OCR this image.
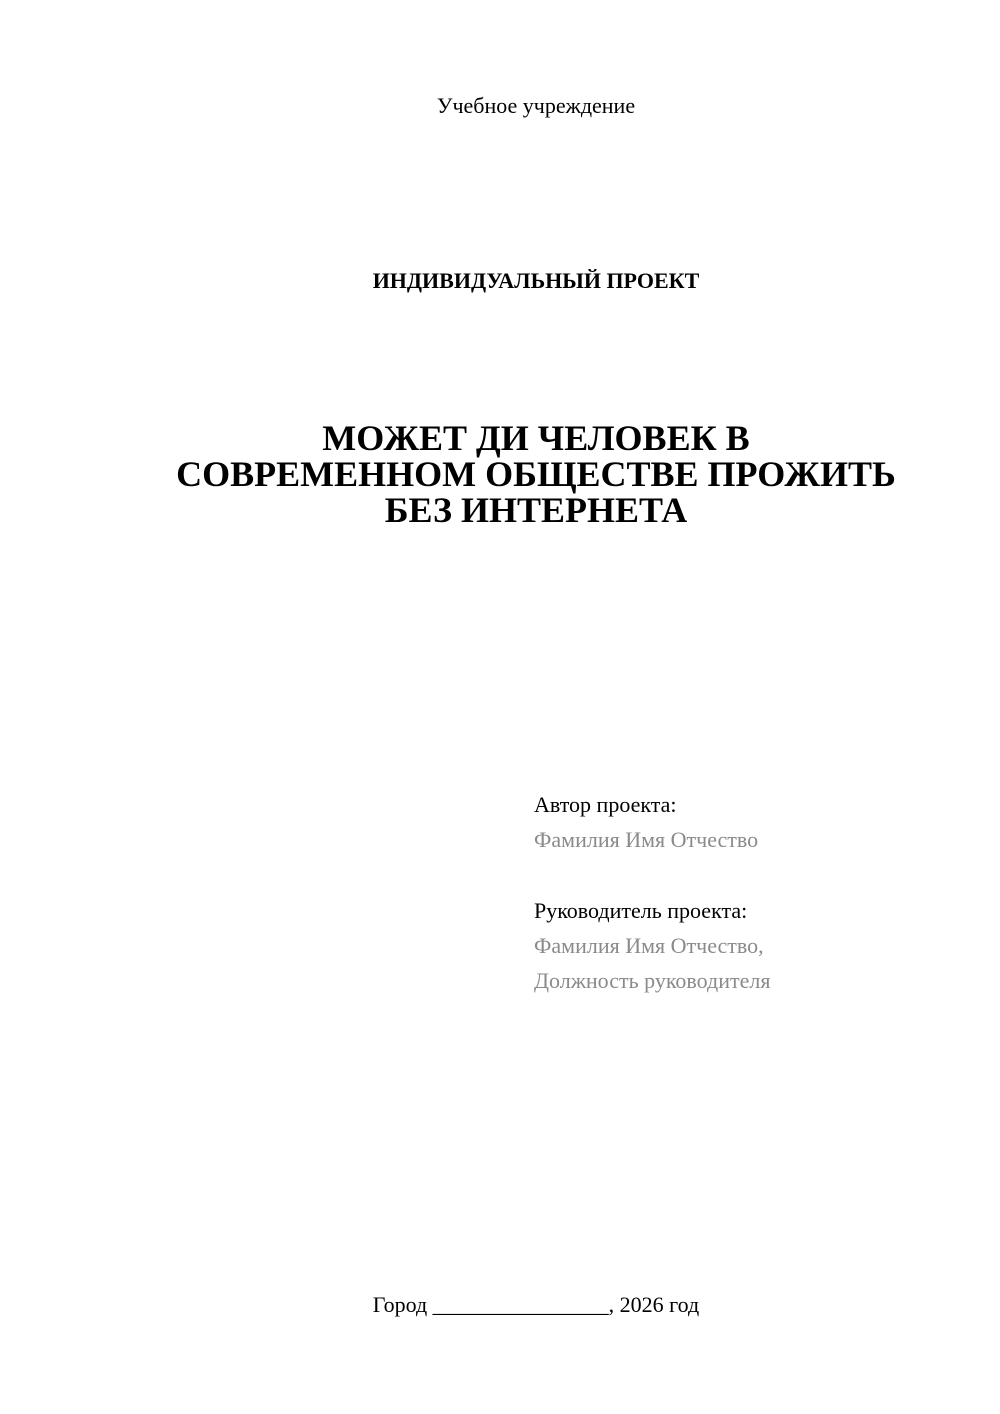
Учебное учреждение
ИНДИВИДУАЛЬНЫЙ ПРОЕКТ
МОЖЕТ ДИ ЧЕЛОВЕК В
СОВРЕМЕННОМ ОБЩЕСТВЕ ПРОЖИТЬ
БЕЗ ИНТЕРНЕТА
Автор проекта:
Фамилия Имя Отчество
Руководитель проекта:
Фамилия Имя Отчество,
Должность руководителя
Город ________________, 2026 год
